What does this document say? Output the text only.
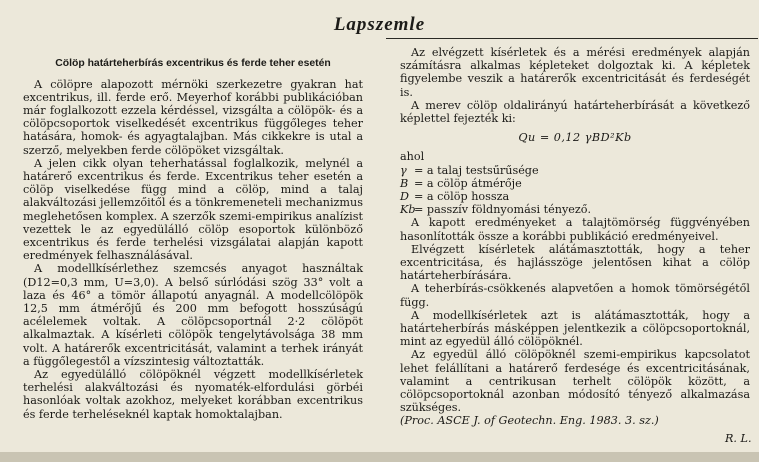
Lapszemle
Cölöp határteherbírás excentrikus és ferde teher esetén

A cölöpre alapozott mérnöki szerkezetre gyakran hat excentrikus, ill. ferde erő. Meyerhof korábbi publikációban már foglalkozott ezzela kérdéssel, vizsgálta a cölöpök- és a cölöpcsoportok viselkedését excentrikus függőleges teher hatására, homok- és agyagtalajban. Más cikkekre is utal a szerző, melyekben ferde cölöpöket vizsgáltak.

A jelen cikk olyan teherhatással foglalkozik, melynél a határerő excentrikus és ferde. Excentrikus teher esetén a cölöp viselkedése függ mind a cölöp, mind a talaj alakváltozási jellemzőitől és a tönkremeneteli mechanizmus meglehetősen komplex. A szerzők szemi-empirikus analízist vezettek le az egyedülálló cölöp esoportok különböző excentrikus és ferde terhelési vizsgálatai alapján kapott eredmények felhasználásával.

A modellkísérlethez szemcsés anyagot használtak (D12=0,3 mm, U=3,0). A belső súrlódási szög 33° volt a laza és 46° a tömör állapotú anyagnál. A modellcölöpök 12,5 mm átmérőjű és 200 mm befogott hosszúságú acélelemek voltak. A cölöpcsoportnál 2·2 cölöpöt alkalmaztak. A kísérleti cölöpök tengelytávolsága 38 mm volt. A határerők excentricitását, valamint a terhek irányát a függőlegestől a vízszintesig változtatták.

Az egyedülálló cölöpöknél végzett modellkísérletek terhelési alakváltozási és nyomaték-elfordulási görbéi hasonlóak voltak azokhoz, melyeket korábban excentrikus és ferde terheléseknél kaptak homoktalajban.

Az elvégzett kísérletek és a mérési eredmények alapján számításra alkalmas képleteket dolgoztak ki. A képletek figyelembe veszik a határerők excentricitását és ferdeségét is.

A merev cölöp oldalirányú határteherbírását a következő képlettel fejezték ki:

Qu = 0,12 γBD²Kb
ahol
γ = a talaj testsűrűsége
B = a cölöp átmérője
D = a cölöp hossza
Kb= passzív földnyomási tényező.

A kapott eredményeket a talajtömörség függvényében hasonlították össze a korábbi publikáció eredményeivel.

Elvégzett kísérletek alátámasztották, hogy a teher excentricitása, és hajlásszöge jelentősen kihat a cölöp határteherbírására.

A teherbírás-csökkenés alapvetően a homok tömörségétől függ.

A modellkísérletek azt is alátámasztották, hogy a határteherbírás másképpen jelentkezik a cölöpcsoportoknál, mint az egyedül álló cölöpöknél.

Az egyedül álló cölöpöknél szemi-empirikus kapcsolatot lehet felállítani a határerő ferdesége és excentricitásának, valamint a centrikusan terhelt cölöpök között, a cölöpcsoportoknál azonban módosító tényező alkalmazása szükséges.

(Proc. ASCE J. of Geotechn. Eng. 1983. 3. sz.)

R. L.
